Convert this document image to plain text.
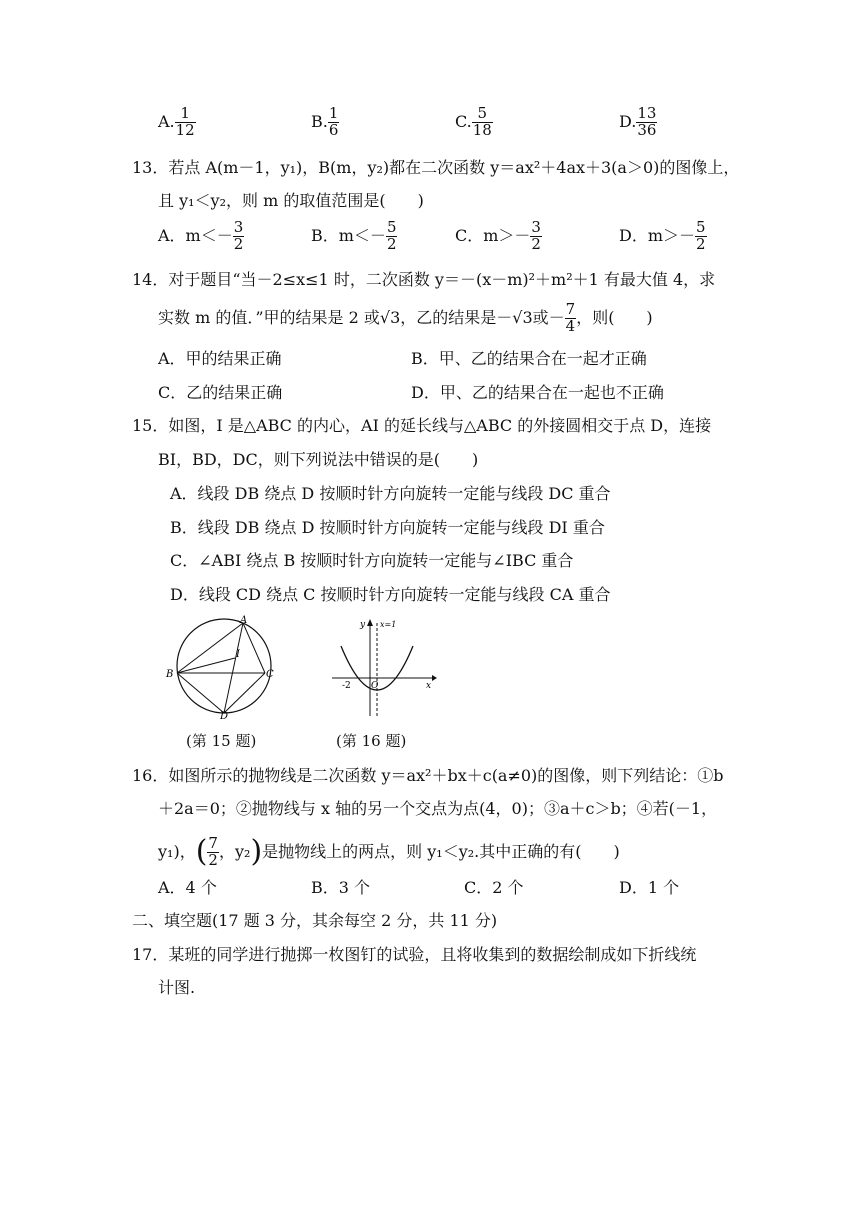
A. $\frac{1}{12}$	B. $\frac{1}{6}$	C. $\frac{5}{18}$	D. $\frac{13}{36}$
13．若点 A(m－1，y₁)，B(m，y₂)都在二次函数 y＝ax²＋4ax＋3(a＞0)的图像上，
且 y₁＜y₂，则 m 的取值范围是(　　)
A．$m<- \frac{3}{2}$	B．$m<- \frac{5}{2}$	C．$m>- \frac{3}{2}$	D．$m>- \frac{5}{2}$
14．对于题目“当－2≤x≤1 时，二次函数 y＝－(x－m)²＋m²＋1 有最大值 4，求
实数 m 的值．”甲的结果是 2 或√3，乙的结果是－√3或－ $\frac{7}{4}$ ，则(　　)
A．甲的结果正确	B．甲、乙的结果合在一起才正确
C．乙的结果正确	D．甲、乙的结果合在一起也不正确
15．如图，I 是△ABC 的内心，AI 的延长线与△ABC 的外接圆相交于点 D，连接
BI，BD，DC，则下列说法中错误的是(　　)
A．线段 DB 绕点 D 按顺时针方向旋转一定能与线段 DC 重合
B．线段 DB 绕点 D 按顺时针方向旋转一定能与线段 DI 重合
C．∠ABI 绕点 B 按顺时针方向旋转一定能与∠IBC 重合
D．线段 CD 绕点 C 按顺时针方向旋转一定能与线段 CA 重合
A
I
B	C
D
y x=1
-2 O	x
(第 15 题)	(第 16 题)
16．如图所示的抛物线是二次函数 y＝ax²＋bx＋c(a≠0)的图像，则下列结论：①b
＋2a＝0；②抛物线与 x 轴的另一个交点为点(4，0)；③a＋c＞b；④若(－1，
y₁)，( $\frac{7}{2}$ ，y₂)是抛物线上的两点，则 y₁＜y₂.其中正确的有(　　)
A．4 个	B．3 个	C．2 个	D．1 个
二、填空题(17 题 3 分，其余每空 2 分，共 11 分)
17．某班的同学进行抛掷一枚图钉的试验，且将收集到的数据绘制成如下折线统
计图.
